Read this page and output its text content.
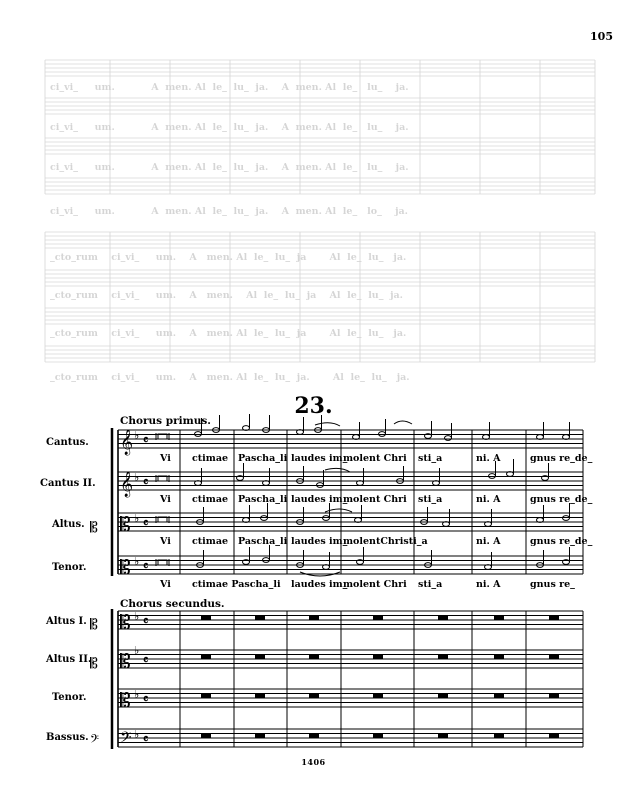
ci_vi_ um.	A men. Al le_ lu_ ja. A men. Al le_ lu_ ja.
ci_vi_ um.	A men. Al le_ lu_ ja. A men. Al le_ lu_ ja.
ci_vi_ um.	A men. Al le_ lu_ ja. A men. Al le_ lu_ ja.
ci_vi_ um.	A men. Al le_ lu_ ja. A men. Al le_ lo_ ja.
_cto_rum ci_vi_ um. A men. Al le_ lu_ ja Al le_ lu_ ja.
_cto_rum ci_vi_ um. A men. Al le_ lu_ ja Al le_ lu_ ja.
_cto_rum ci_vi_ um. A men. Al le_ lu_ ja Al le_ lu_ ja.
_cto_rum ci_vi_ um. A men. Al le_ lu_ ja. Al le_ lu_ ja.
105
23.
Chorus primus.
Chorus secundus.
Cantus.
Cantus II.
Altus.
Tenor.
Altus I.
Altus II.
Tenor.
Bassus.
𝄞
𝄞
𝄡
𝄡
𝄡
𝄡
𝄡
𝄢
𝄡
𝄡
𝄡
𝄢
♭
♭
♭
♭
♭
♭
♭
♭
𝄴
𝄴
𝄴
𝄴
𝄴
𝄴
𝄴
𝄴
Vi ctimae Pascha_li laudes im_
molent Chri sti_a	ni. A	gnus re_de_
Vi ctimae Pascha_li laudes im_
molent Chri sti_a	ni. A	gnus re_de_
Vi ctimae Pascha_li laudes im_
molentChristi_a	ni. A	gnus re_de_
Vi ctimae Pascha_li laudes im_
molent Chri sti_a	ni. A	gnus re_
1406
